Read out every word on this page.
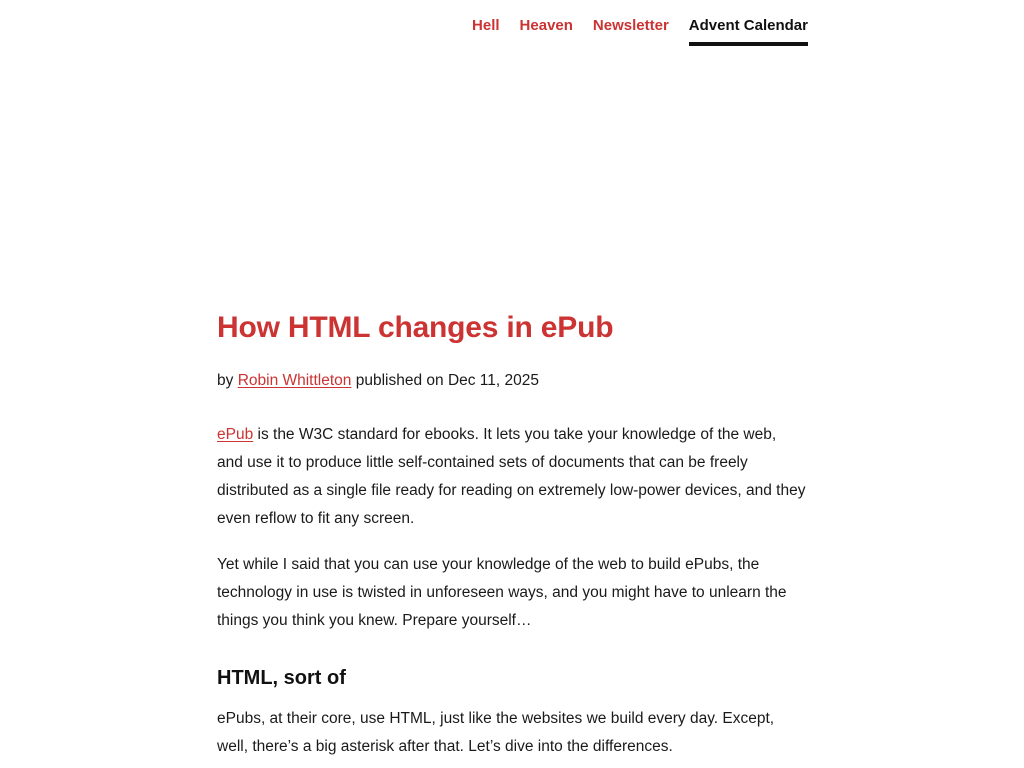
Hell Heaven Newsletter Advent Calendar
How HTML changes in ePub

by Robin Whittleton published on Dec 11, 2025

ePub is the W3C standard for ebooks. It lets you take your knowledge of the web, and use it to produce little self-contained sets of documents that can be freely distributed as a single file ready for reading on extremely low-power devices, and they even reflow to fit any screen.

Yet while I said that you can use your knowledge of the web to build ePubs, the technology in use is twisted in unforeseen ways, and you might have to unlearn the things you think you knew. Prepare yourself…

HTML, sort of

ePubs, at their core, use HTML, just like the websites we build every day. Except, well, there’s a big asterisk after that. Let’s dive into the differences.
